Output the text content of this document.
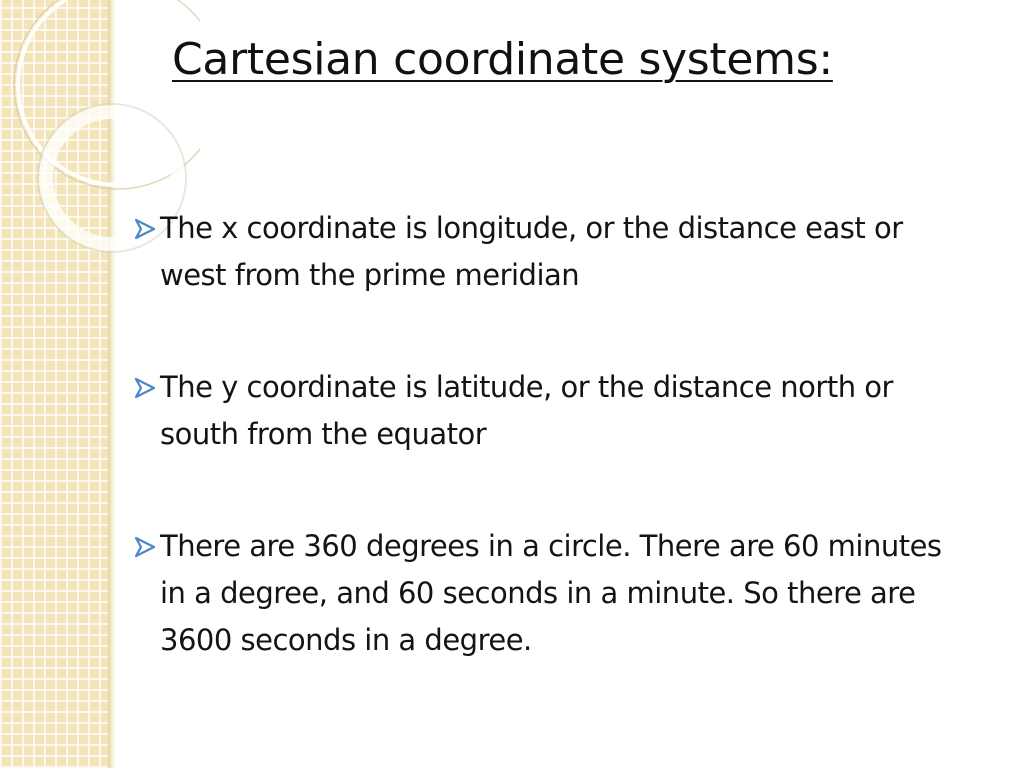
Cartesian coordinate systems:
The x coordinate is longitude, or the distance east or west from the prime meridian
The y coordinate is latitude, or the distance north or south from the equator
There are 360 degrees in a circle. There are 60 minutes in a degree, and 60 seconds in a minute. So there are 3600 seconds in a degree.
